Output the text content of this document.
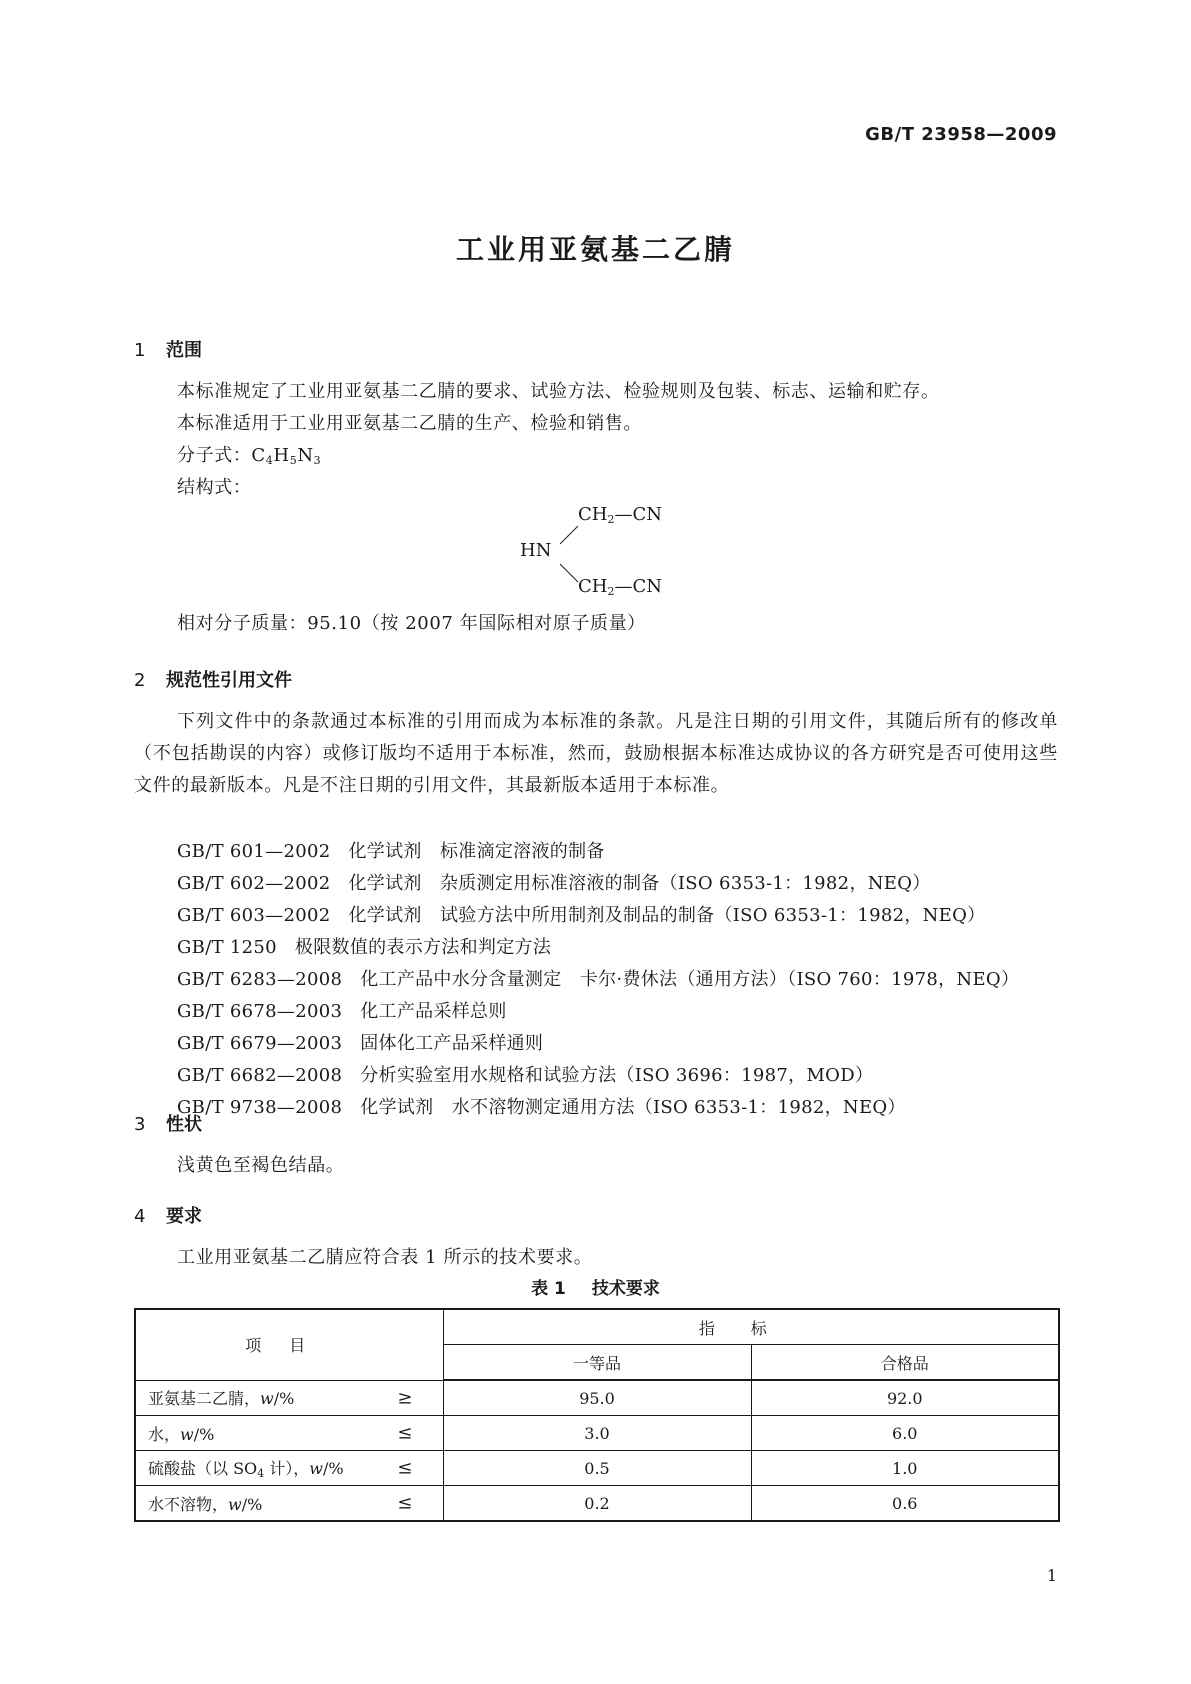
GB/T 23958—2009
工业用亚氨基二乙腈
1 范围
本标准规定了工业用亚氨基二乙腈的要求、试验方法、检验规则及包装、标志、运输和贮存。
本标准适用于工业用亚氨基二乙腈的生产、检验和销售。
分子式：$C_4H_5N_3$
结构式：
$CH_2—CN$
HN
$CH_2—CN$
相对分子质量：95.10（按 2007 年国际相对原子质量）
2 规范性引用文件
下列文件中的条款通过本标准的引用而成为本标准的条款。凡是注日期的引用文件，其随后所有的修改单（不包括勘误的内容）或修订版均不适用于本标准，然而，鼓励根据本标准达成协议的各方研究是否可使用这些文件的最新版本。凡是不注日期的引用文件，其最新版本适用于本标准。
GB/T 601—2002 化学试剂　标准滴定溶液的制备
GB/T 602—2002 化学试剂　杂质测定用标准溶液的制备（ISO 6353-1：1982，NEQ）
GB/T 603—2002 化学试剂　试验方法中所用制剂及制品的制备（ISO 6353-1：1982，NEQ）
GB/T 1250 极限数值的表示方法和判定方法
GB/T 6283—2008 化工产品中水分含量测定　卡尔·费休法（通用方法）（ISO 760：1978，NEQ）
GB/T 6678—2003 化工产品采样总则
GB/T 6679—2003 固体化工产品采样通则
GB/T 6682—2008 分析实验室用水规格和试验方法（ISO 3696：1987，MOD）
GB/T 9738—2008 化学试剂　水不溶物测定通用方法（ISO 6353-1：1982，NEQ）
3 性状
浅黄色至褐色结晶。
4 要求
工业用亚氨基二乙腈应符合表 1 所示的技术要求。
表 1 技术要求
项目	指标	
	一等品	合格品
亚氨基二乙腈，w/% ≥	95.0	92.0
水，w/% ≤	3.0	6.0
硫酸盐（以 $SO_4$ 计），w/% ≤	0.5	1.0
水不溶物，w/% ≤	0.2	0.6
1
